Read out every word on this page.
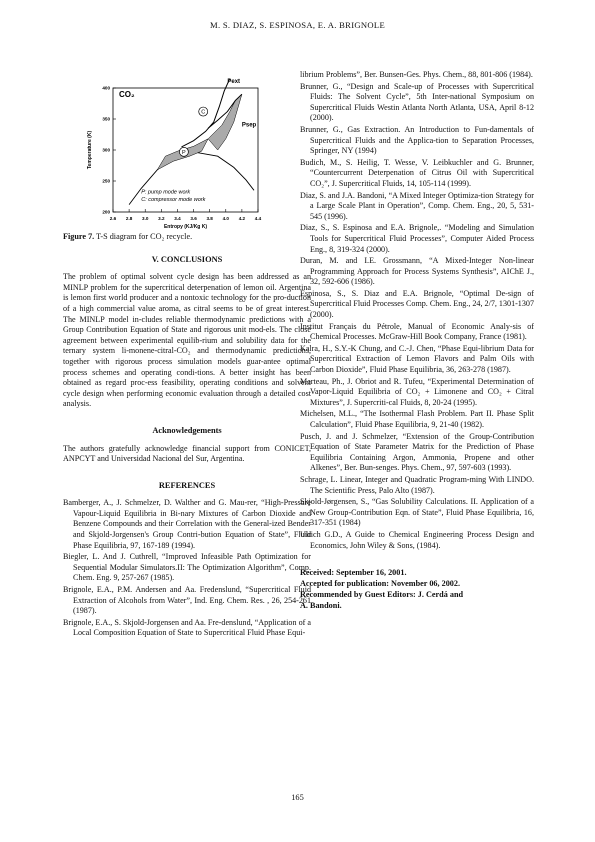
M. S. DIAZ, S. ESPINOSA, E. A. BRIGNOLE
2.6 2.8 3.0 3.2 3.4 3.6 3.8 4.0 4.2 4.4
200
250
300
350
400
Entropy (KJ/Kg K)
Temperature (K)
CO₂
Pext
Psep
C
P
P: pump mode work
C: compressor mode work
Figure 7. T-S diagram for CO₂ recycle.
V. CONCLUSIONS

The problem of optimal solvent cycle design has been addressed as an MINLP problem for the supercritical deterpenation of lemon oil. Argentina is lemon first world producer and a nontoxic technology for the pro-duction of a high commercial value aroma, as citral seems to be of great interest. The MINLP model in-cludes reliable thermodynamic predictions with a Group Contribution Equation of State and rigorous unit mod-els. The close agreement between experimental equilib-rium and solubility data for the ternary system li-monene-citral-CO₂ and thermodynamic predictions, together with rigorous process simulation models guar-antee optimal process schemes and operating condi-tions. A better insight has been obtained as regard proc-ess feasibility, operating conditions and solvent cycle design when performing economic evaluation through a detailed cost analysis.

Acknowledgements

The authors gratefully acknowledge financial support from CONICET, ANPCYT and Universidad Nacional del Sur, Argentina.

REFERENCES

Bamberger, A., J. Schmelzer, D. Walther and G. Mau-rer, “High-Pressure Vapour-Liquid Equilibria in Bi-nary Mixtures of Carbon Dioxide and Benzene Compounds and their Correlation with the General-ized Bender and Skjold-Jorgensen's Group Contri-bution Equation of State”, Fluid Phase Equilibria, 97, 167-189 (1994).

Biegler, L. And J. Cuthrell, “Improved Infeasible Path Optimization for Sequential Modular Simulators.II: The Optimization Algorithm”, Comp. Chem. Eng. 9, 257-267 (1985).

Brignole, E.A., P.M. Andersen and Aa. Fredenslund, “Supercritical Fluid Extraction of Alcohols from Water”, Ind. Eng. Chem. Res. , 26, 254-261 (1987).

Brignole, E.A., S. Skjold-Jorgensen and Aa. Fre-denslund, “Application of a Local Composition Equation of State to Supercritical Fluid Phase Equi-

librium Problems”, Ber. Bunsen-Ges. Phys. Chem., 88, 801-806 (1984).

Brunner, G., “Design and Scale-up of Processes with Supercritical Fluids: The Solvent Cycle”, 5th Inter-national Symposium on Supercritical Fluids Westin Atlanta North Atlanta, USA, April 8-12 (2000).

Brunner, G., Gas Extraction. An Introduction to Fun-damentals of Supercritical Fluids and the Applica-tion to Separation Processes, Springer, NY (1994)

Budich, M., S. Heilig, T. Wesse, V. Leibkuchler and G. Brunner, “Countercurrent Deterpenation of Citrus Oil with Supercritical CO₂”, J. Supercritical Fluids, 14, 105-114 (1999).

Diaz, S. and J.A. Bandoni, “A Mixed Integer Optimiza-tion Strategy for a Large Scale Plant in Operation”, Comp. Chem. Eng., 20, 5, 531-545 (1996).

Diaz, S., S. Espinosa and E.A. Brignole,. “Modeling and Simulation Tools for Supercritical Fluid Processes”, Computer Aided Process Eng., 8, 319-324 (2000).

Duran, M. and I.E. Grossmann, “A Mixed-Integer Non-linear Programming Approach for Process Systems Synthesis”, AIChE J., 32, 592-606 (1986).

Espinosa, S., S. Diaz and E.A. Brignole, “Optimal De-sign of Supercritical Fluid Processes Comp. Chem. Eng., 24, 2/7, 1301-1307 (2000).

Institut Français du Pétrole, Manual of Economic Analy-sis of Chemical Processes. McGraw-Hill Book Company, France (1981).

Kalra, H., S.Y.-K Chung, and C.-J. Chen, “Phase Equi-librium Data for Supercritical Extraction of Lemon Flavors and Palm Oils with Carbon Dioxide”, Fluid Phase Equilibria, 36, 263-278 (1987).

Marteau, Ph., J. Obriot and R. Tufeu, “Experimental Determination of Vapor-Liquid Equilibria of CO₂ + Limonene and CO₂ + Citral Mixtures”, J. Supercriti-cal Fluids, 8, 20-24 (1995).

Michelsen, M.L., “The Isothermal Flash Problem. Part II. Phase Split Calculation”, Fluid Phase Equilibria, 9, 21-40 (1982).

Pusch, J. and J. Schmelzer, “Extension of the Group-Contribution Equation of State Parameter Matrix for the Prediction of Phase Equilibria Containing Argon, Ammonia, Propene and other Alkenes”, Ber. Bun-senges. Phys. Chem., 97, 597-603 (1993).

Schrage, L. Linear, Integer and Quadratic Program-ming With LINDO. The Scientific Press, Palo Alto (1987).

Skjold-Jørgensen, S., “Gas Solubility Calculations. II. Application of a New Group-Contribution Eqn. of State”, Fluid Phase Equilibria, 16, 317-351 (1984)

Ulrich G.D., A Guide to Chemical Engineering Process Design and Economics, John Wiley & Sons, (1984).

Received: September 16, 2001.
Accepted for publication: November 06, 2002.
Recommended by Guest Editors: J. Cerdá and
A. Bandoni.
165
